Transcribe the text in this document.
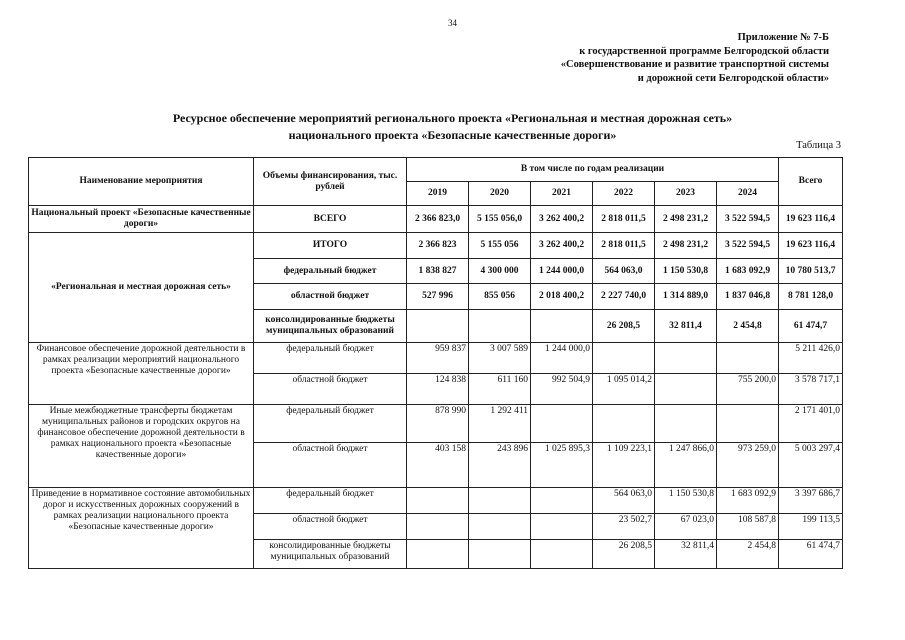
34
Приложение № 7-Б
к государственной программе Белгородской области
«Совершенствование и развитие транспортной системы
и дорожной сети Белгородской области»
Ресурсное обеспечение мероприятий регионального проекта «Региональная и местная дорожная сеть»
национального проекта «Безопасные качественные дороги»
Таблица 3
Наименование мероприятия	Объемы финансирования, тыс. рублей	В том числе по годам реализации						Всего
		2019	2020	2021	2022	2023	2024	
Национальный проект «Безопасные качественные дороги»	ВСЕГО	2 366 823,0	5 155 056,0	3 262 400,2	2 818 011,5	2 498 231,2	3 522 594,5	19 623 116,4
«Региональная и местная дорожная сеть»	ИТОГО	2 366 823	5 155 056	3 262 400,2	2 818 011,5	2 498 231,2	3 522 594,5	19 623 116,4
	федеральный бюджет	1 838 827	4 300 000	1 244 000,0	564 063,0	1 150 530,8	1 683 092,9	10 780 513,7
	областной бюджет	527 996	855 056	2 018 400,2	2 227 740,0	1 314 889,0	1 837 046,8	8 781 128,0
	консолидированные бюджеты муниципальных образований				26 208,5	32 811,4	2 454,8	61 474,7
Финансовое обеспечение дорожной деятельности в рамках реализации мероприятий национального проекта «Безопасные качественные дороги»	федеральный бюджет	959 837	3 007 589	1 244 000,0				5 211 426,0
	областной бюджет	124 838	611 160	992 504,9	1 095 014,2		755 200,0	3 578 717,1
Иные межбюджетные трансферты бюджетам муниципальных районов и городских округов на финансовое обеспечение дорожной деятельности в рамках национального проекта «Безопасные качественные дороги»	федеральный бюджет	878 990	1 292 411					2 171 401,0
	областной бюджет	403 158	243 896	1 025 895,3	1 109 223,1	1 247 866,0	973 259,0	5 003 297,4
Приведение в нормативное состояние автомобильных дорог и искусственных дорожных сооружений в рамках реализации национального проекта «Безопасные качественные дороги»	федеральный бюджет				564 063,0	1 150 530,8	1 683 092,9	3 397 686,7
	областной бюджет				23 502,7	67 023,0	108 587,8	199 113,5
	консолидированные бюджеты муниципальных образований				26 208,5	32 811,4	2 454,8	61 474,7
